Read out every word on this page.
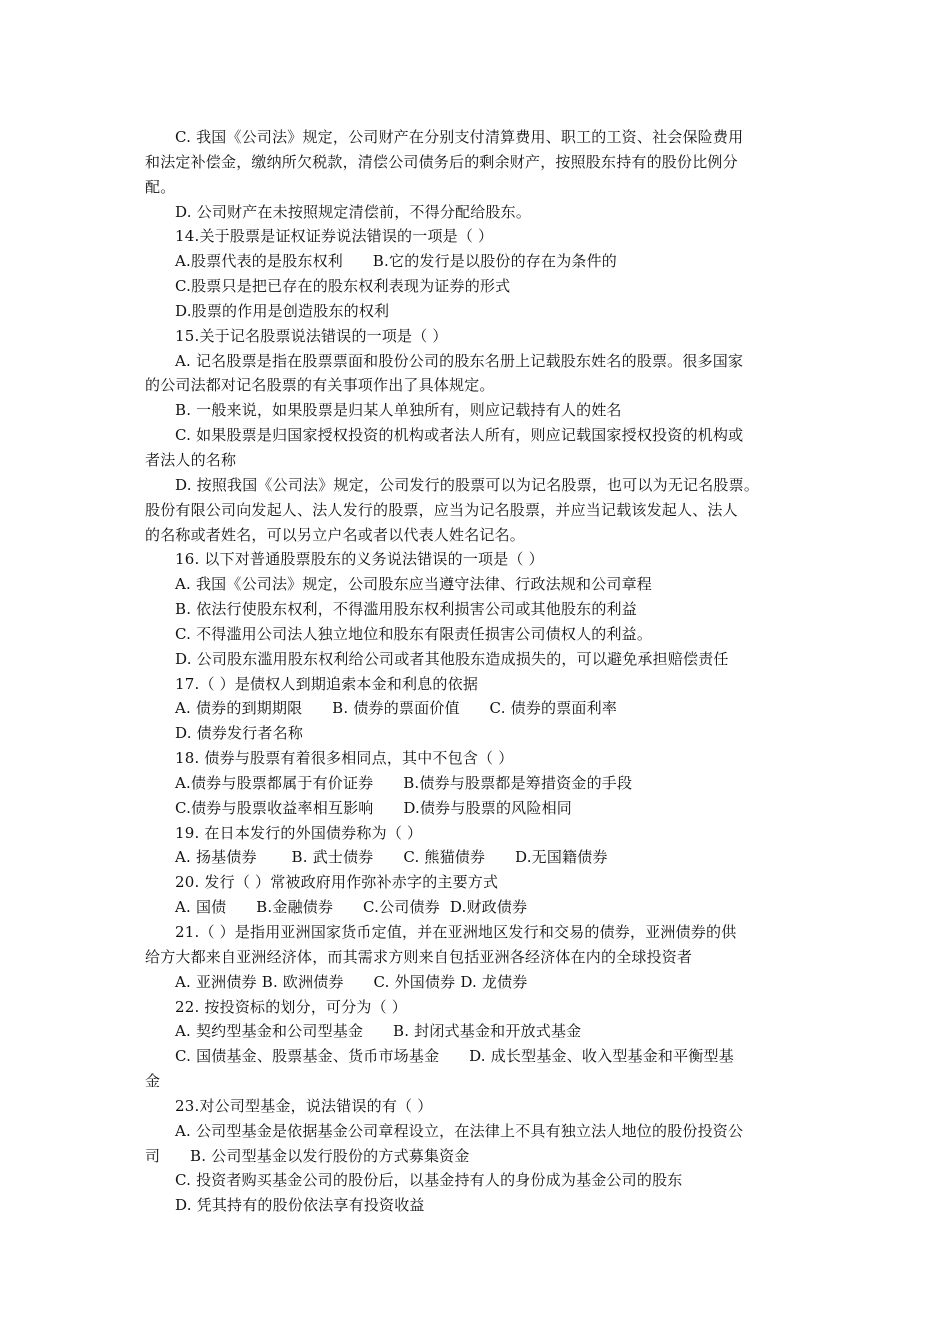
C. 我国《公司法》规定，公司财产在分别支付清算费用、职工的工资、社会保险费用
和法定补偿金，缴纳所欠税款，清偿公司债务后的剩余财产，按照股东持有的股份比例分
配。
D. 公司财产在未按照规定清偿前，不得分配给股东。
14.关于股票是证权证券说法错误的一项是（ ）
A.股票代表的是股东权利      B.它的发行是以股份的存在为条件的
C.股票只是把已存在的股东权利表现为证券的形式
D.股票的作用是创造股东的权利
15.关于记名股票说法错误的一项是（ ）
A. 记名股票是指在股票票面和股份公司的股东名册上记载股东姓名的股票。很多国家
的公司法都对记名股票的有关事项作出了具体规定。
B. 一般来说，如果股票是归某人单独所有，则应记载持有人的姓名
C. 如果股票是归国家授权投资的机构或者法人所有，则应记载国家授权投资的机构或
者法人的名称
D. 按照我国《公司法》规定，公司发行的股票可以为记名股票，也可以为无记名股票。
股份有限公司向发起人、法人发行的股票，应当为记名股票，并应当记载该发起人、法人
的名称或者姓名，可以另立户名或者以代表人姓名记名。
16. 以下对普通股票股东的义务说法错误的一项是（ ）
A. 我国《公司法》规定，公司股东应当遵守法律、行政法规和公司章程
B. 依法行使股东权利，不得滥用股东权利损害公司或其他股东的利益
C. 不得滥用公司法人独立地位和股东有限责任损害公司债权人的利益。
D. 公司股东滥用股东权利给公司或者其他股东造成损失的，可以避免承担赔偿责任
17.（ ）是债权人到期追索本金和利息的依据
A. 债券的到期期限      B. 债券的票面价值      C. 债券的票面利率
D. 债券发行者名称
18. 债券与股票有着很多相同点，其中不包含（ ）
A.债券与股票都属于有价证券      B.债券与股票都是筹措资金的手段
C.债券与股票收益率相互影响      D.债券与股票的风险相同
19. 在日本发行的外国债券称为（ ）
A. 扬基债券       B. 武士债券      C. 熊猫债券      D.无国籍债券
20. 发行（ ）常被政府用作弥补赤字的主要方式
A. 国债      B.金融债券      C.公司债券  D.财政债券
21.（ ）是指用亚洲国家货币定值，并在亚洲地区发行和交易的债券，亚洲债券的供
给方大都来自亚洲经济体，而其需求方则来自包括亚洲各经济体在内的全球投资者
A. 亚洲债券 B. 欧洲债券      C. 外国债券 D. 龙债券
22. 按投资标的划分，可分为（ ）
A. 契约型基金和公司型基金      B. 封闭式基金和开放式基金
C. 国债基金、股票基金、货币市场基金      D. 成长型基金、收入型基金和平衡型基
金
23.对公司型基金，说法错误的有（ ）
A. 公司型基金是依据基金公司章程设立，在法律上不具有独立法人地位的股份投资公
司      B. 公司型基金以发行股份的方式募集资金
C. 投资者购买基金公司的股份后，以基金持有人的身份成为基金公司的股东
D. 凭其持有的股份依法享有投资收益
